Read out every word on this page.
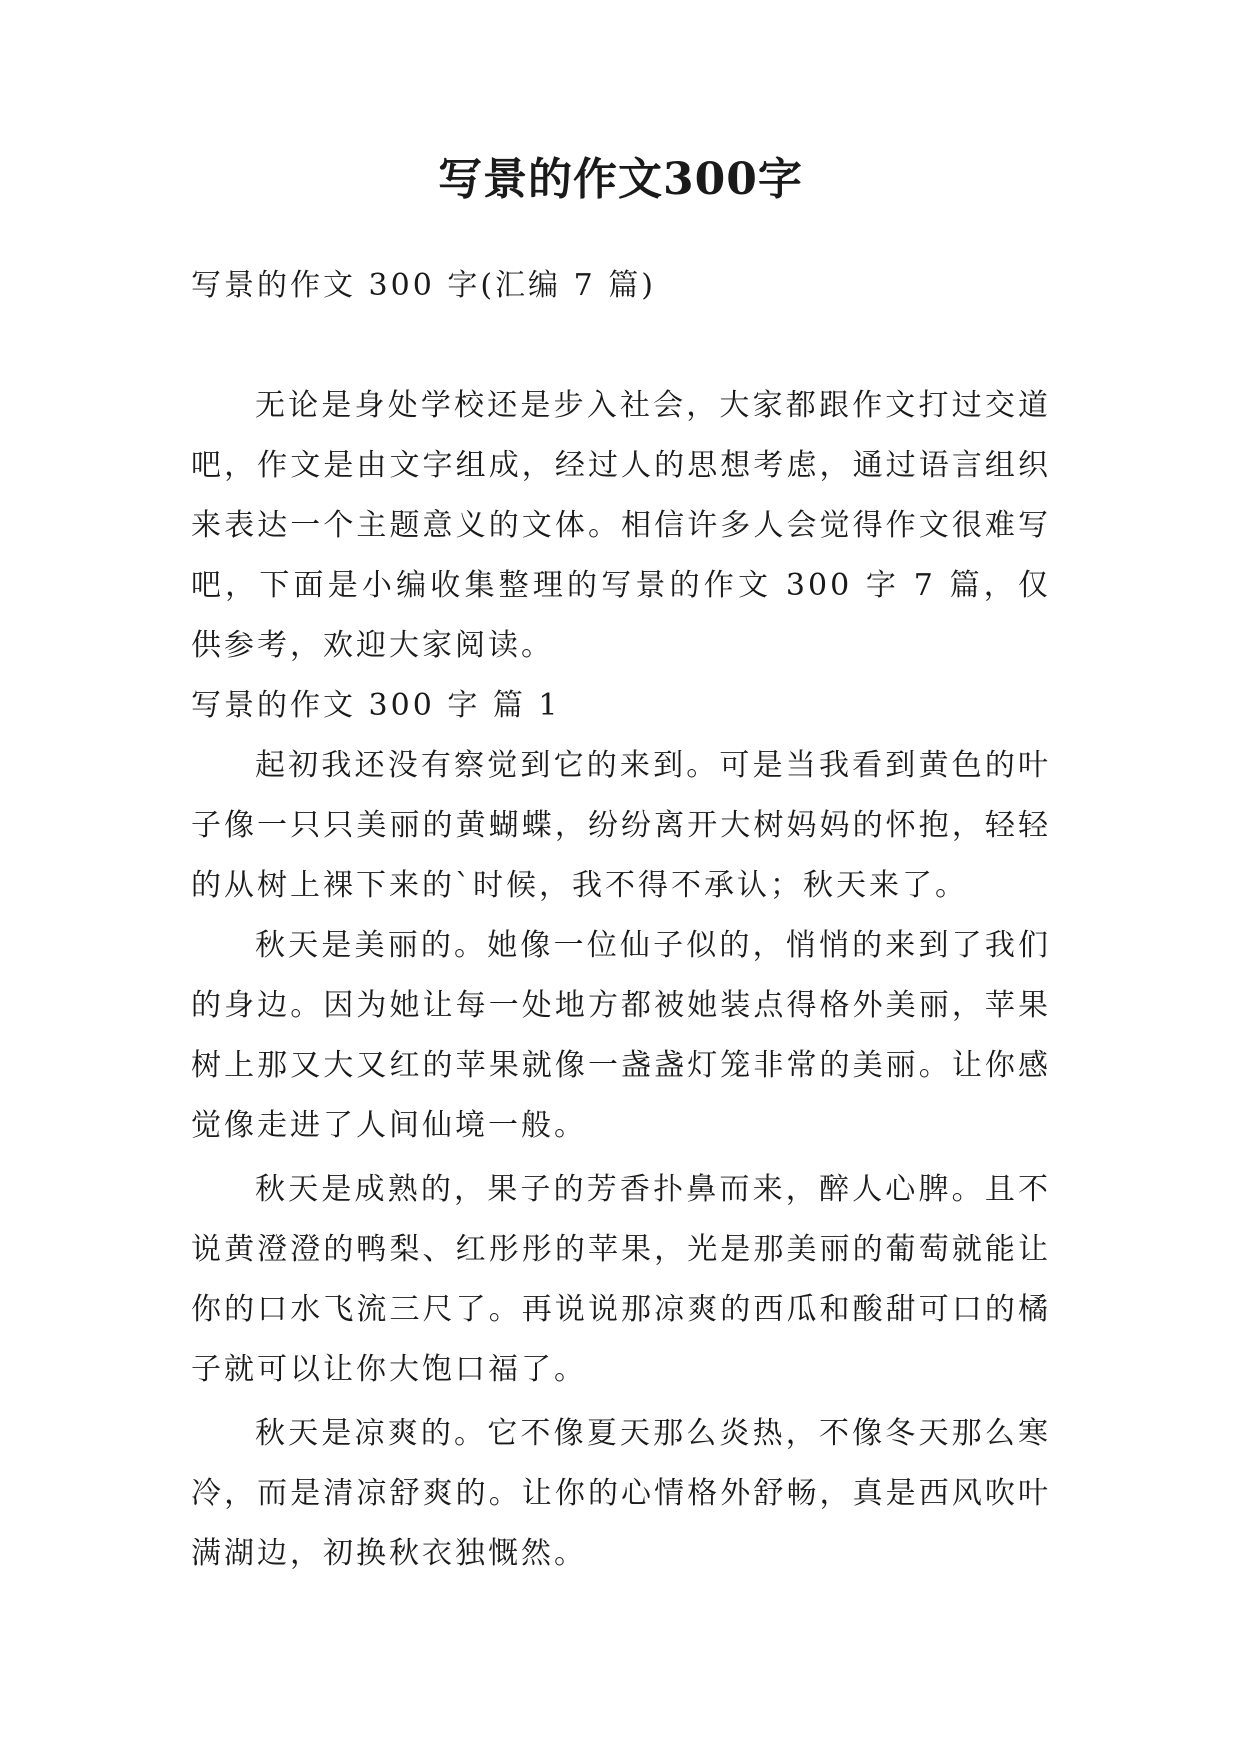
写景的作文300字

写景的作文 300 字(汇编 7 篇)

无论是身处学校还是步入社会，大家都跟作文打过交道吧，作文是由文字组成，经过人的思想考虑，通过语言组织来表达一个主题意义的文体。相信许多人会觉得作文很难写吧，下面是小编收集整理的写景的作文 300 字 7 篇，仅供参考，欢迎大家阅读。

写景的作文 300 字 篇 1

起初我还没有察觉到它的来到。可是当我看到黄色的叶子像一只只美丽的黄蝴蝶，纷纷离开大树妈妈的怀抱，轻轻的从树上裸下来的`时候，我不得不承认；秋天来了。

秋天是美丽的。她像一位仙子似的，悄悄的来到了我们的身边。因为她让每一处地方都被她装点得格外美丽，苹果树上那又大又红的苹果就像一盏盏灯笼非常的美丽。让你感觉像走进了人间仙境一般。

秋天是成熟的，果子的芳香扑鼻而来，醉人心脾。且不说黄澄澄的鸭梨、红彤彤的苹果，光是那美丽的葡萄就能让你的口水飞流三尺了。再说说那凉爽的西瓜和酸甜可口的橘子就可以让你大饱口福了。

秋天是凉爽的。它不像夏天那么炎热，不像冬天那么寒冷，而是清凉舒爽的。让你的心情格外舒畅，真是西风吹叶满湖边，初换秋衣独慨然。
